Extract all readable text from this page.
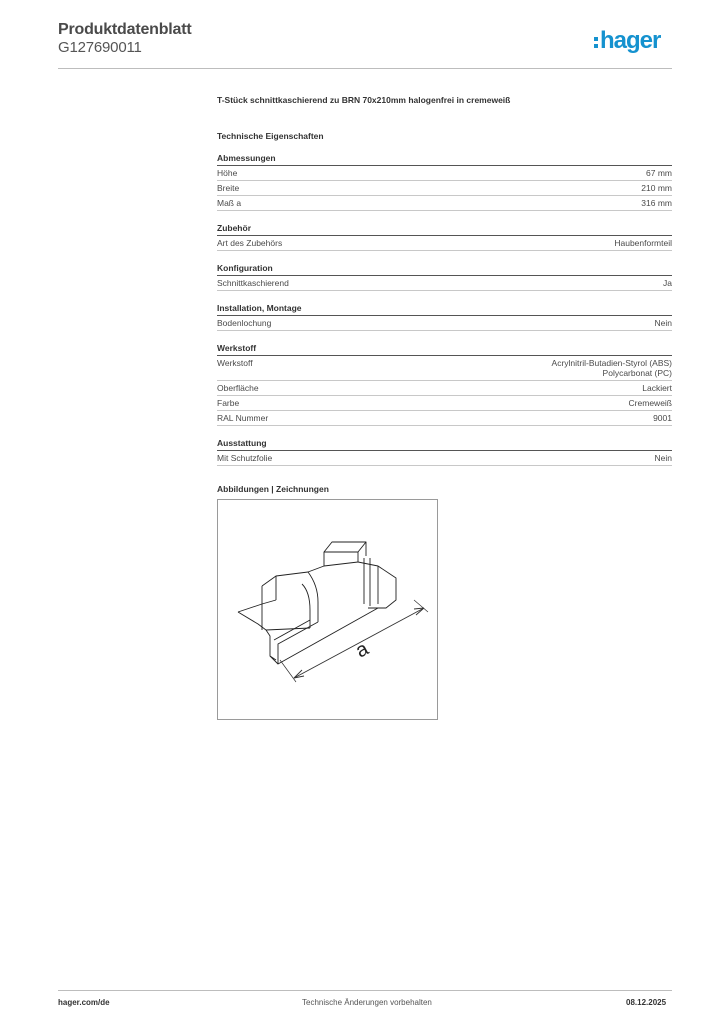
Produktdatenblatt
G127690011	hager

T-Stück schnittkaschierend zu BRN 70x210mm halogenfrei in cremeweiß

Technische Eigenschaften

Abmessungen
Höhe	67 mm
Breite	210 mm
Maß a	316 mm
Zubehör
Art des Zubehörs	Haubenformteil
Konfiguration
Schnittkaschierend	Ja
Installation, Montage
Bodenlochung	Nein
Werkstoff
Werkstoff	Acrylnitril-Butadien-Styrol (ABS)
Polycarbonat (PC)
Oberfläche	Lackiert
Farbe	Cremeweiß
RAL Nummer	9001
Ausstattung
Mit Schutzfolie	Nein
Abbildungen | Zeichnungen
a
hager.com/de	Technische Änderungen vorbehalten	08.12.2025
